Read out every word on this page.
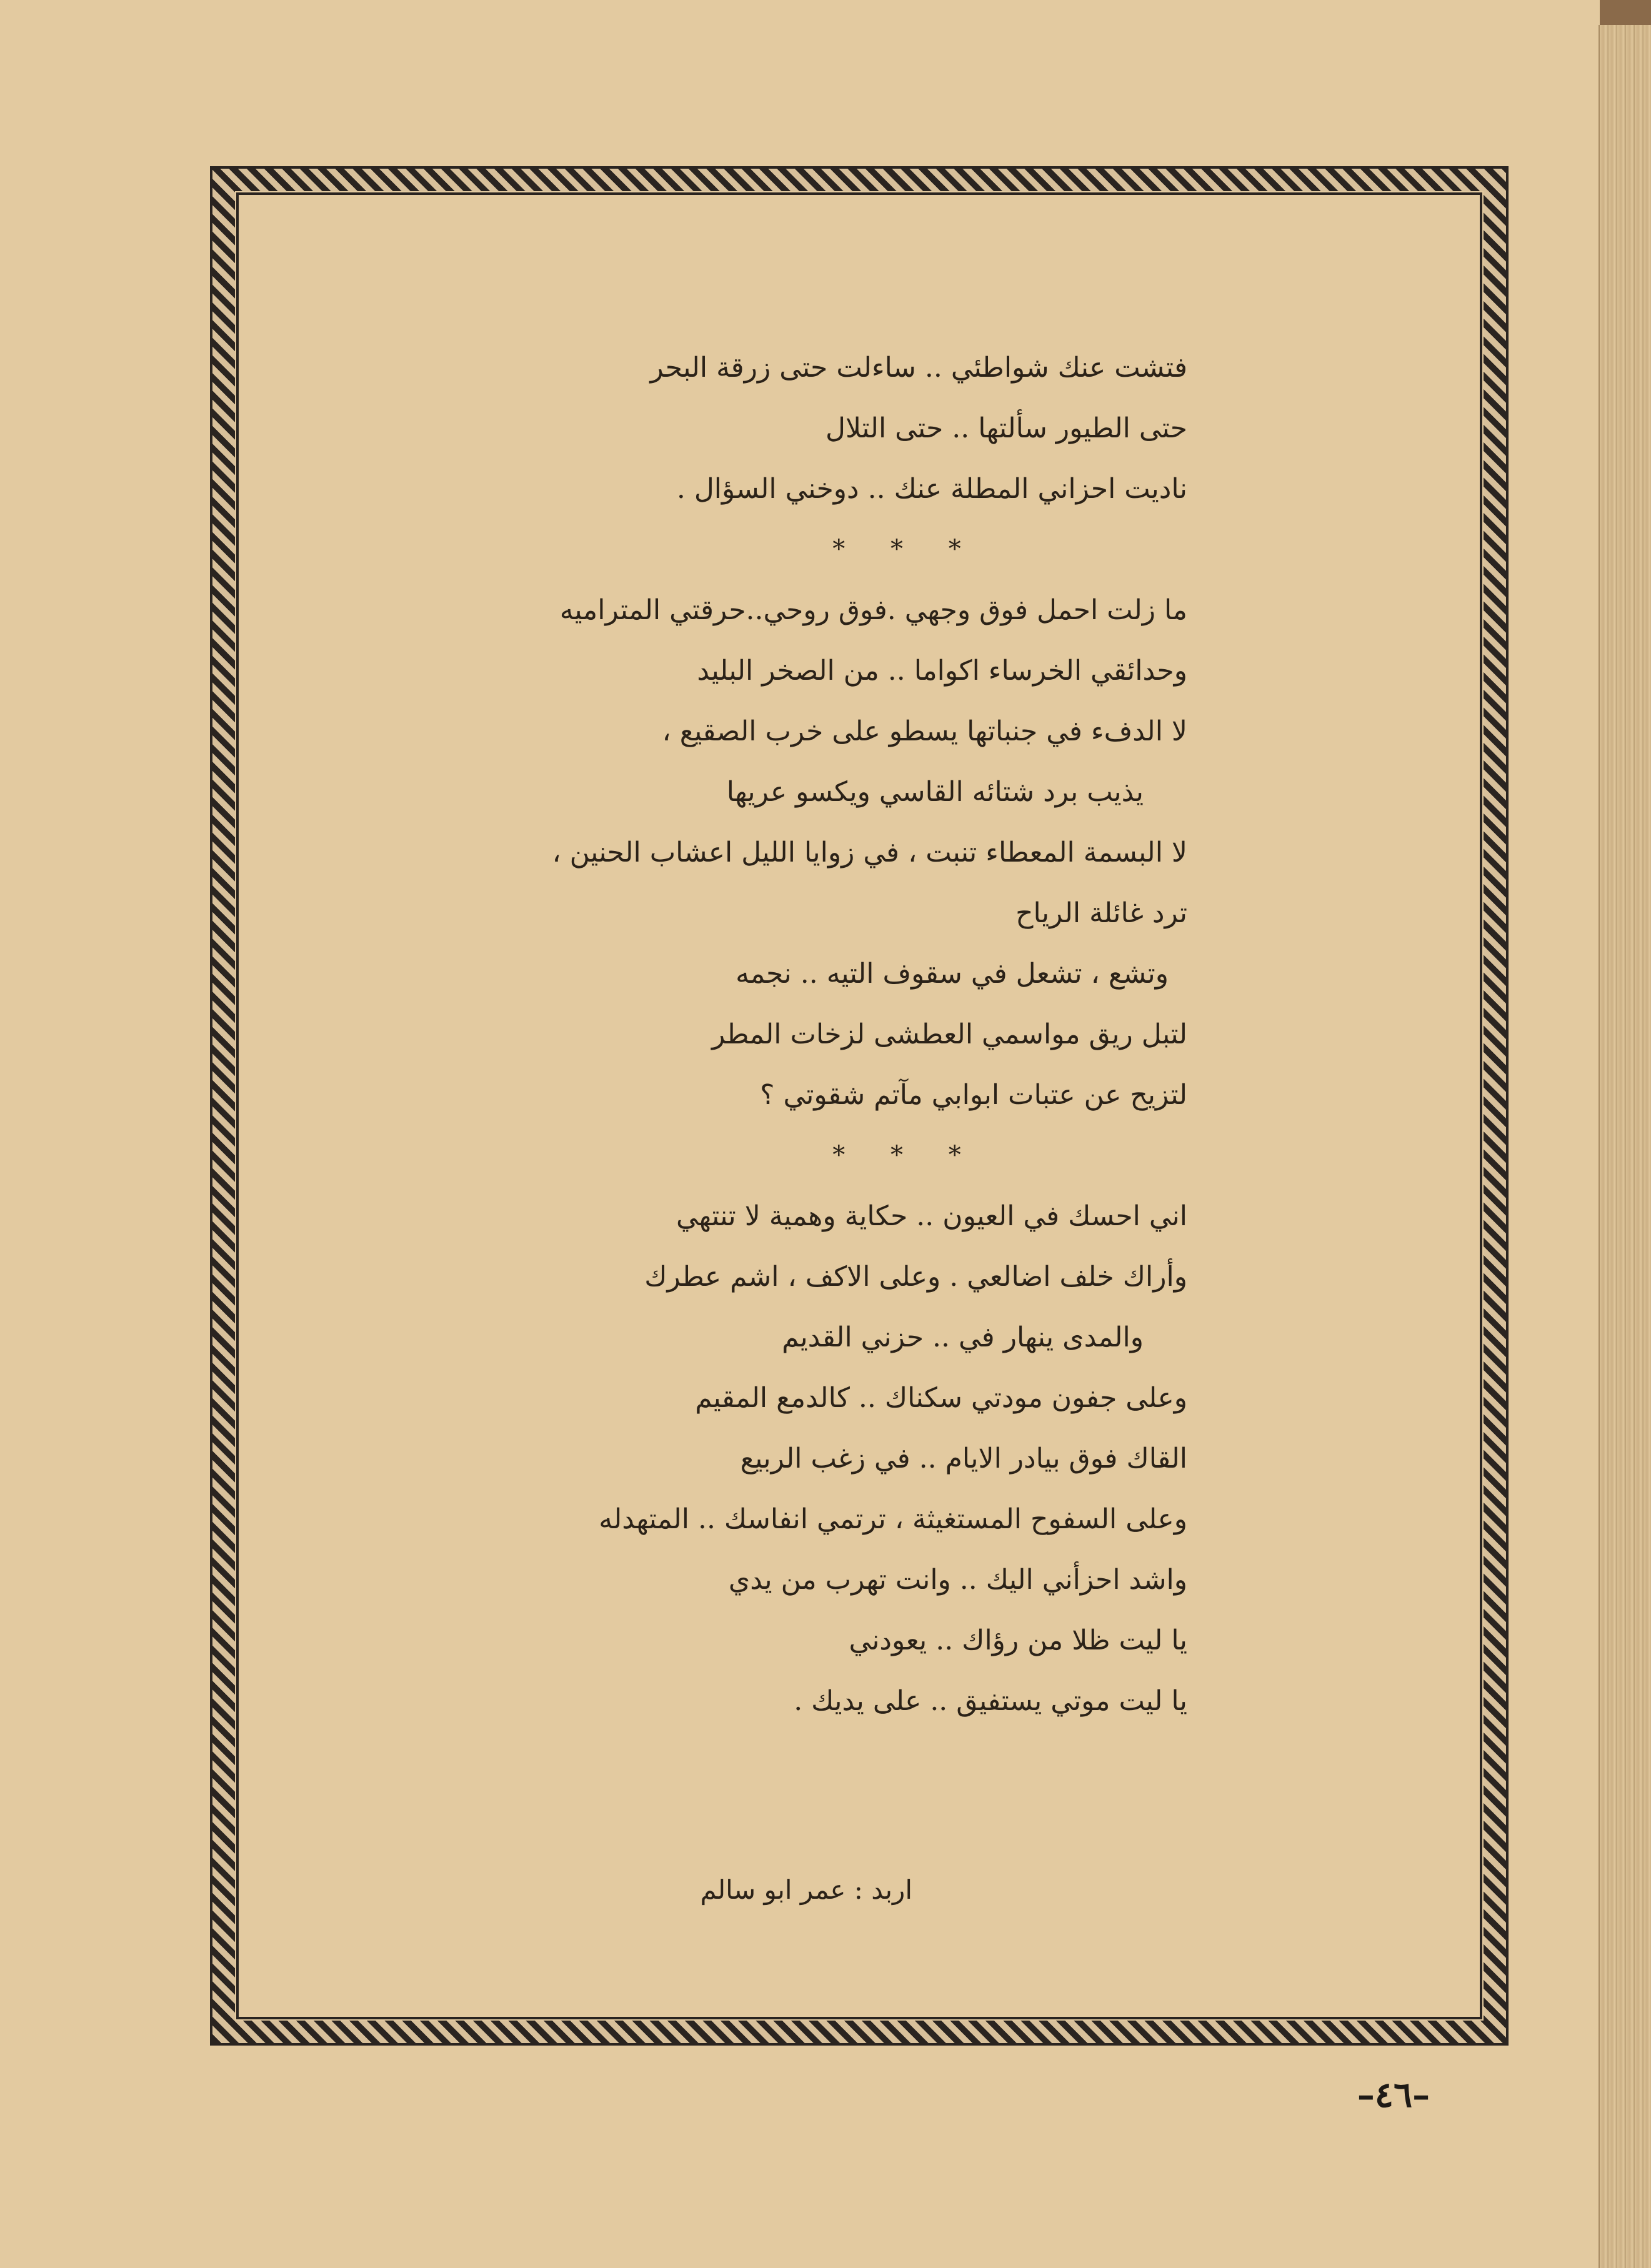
فتشت عنك شواطئي .. ساءلت حتى زرقة البحر
حتى الطيور سألتها .. حتى التلال
ناديت احزاني المطلة عنك .. دوخني السؤال .
* * *
ما زلت احمل فوق وجهي .فوق روحي..حرقتي المتراميه
وحدائقي الخرساء اكواما .. من الصخر البليد
لا الدفء في جنباتها يسطو على خرب الصقيع ،
يذيب برد شتائه القاسي ويكسو عريها
لا البسمة المعطاء تنبت ، في زوايا الليل اعشاب الحنين ،
ترد غائلة الرياح
وتشع ، تشعل في سقوف التيه .. نجمه
لتبل ريق مواسمي العطشى لزخات المطر
لتزيح عن عتبات ابوابي مآتم شقوتي ؟
* * *
اني احسك في العيون .. حكاية وهمية لا تنتهي
وأراك خلف اضالعي . وعلى الاكف ، اشم عطرك
والمدى ينهار في .. حزني القديم
وعلى جفون مودتي سكناك .. كالدمع المقيم
القاك فوق بيادر الايام .. في زغب الربيع
وعلى السفوح المستغيثة ، ترتمي انفاسك .. المتهدله
واشد احزأني اليك .. وانت تهرب من يدي
يا ليت ظلا من رؤاك .. يعودني
يا ليت موتي يستفيق .. على يديك .
اربد : عمر ابو سالم
–٤٦–
